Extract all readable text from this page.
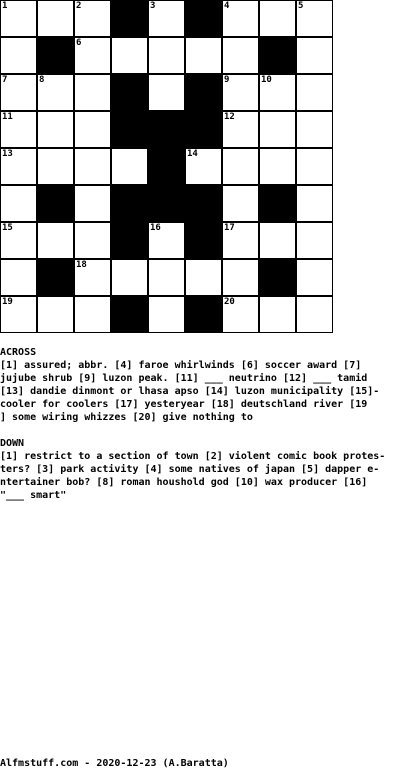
1	2	3	4	5
6
7	8	9	10
11	12
13	14
15	16	17
18
19	20
ACROSS
[1] assured; abbr. [4] faroe whirlwinds [6] soccer award [7]
jujube shrub [9] luzon peak. [11] ___ neutrino [12] ___ tamid
[13] dandie dinmont or lhasa apso [14] luzon municipality [15]-
cooler for coolers [17] yesteryear [18] deutschland river [19
] some wiring whizzes [20] give nothing to
DOWN
[1] restrict to a section of town [2] violent comic book protes-
ters? [3] park activity [4] some natives of japan [5] dapper e-
ntertainer bob? [8] roman houshold god [10] wax producer [16]
"___ smart"
Alfmstuff.com - 2020-12-23 (A.Baratta)
